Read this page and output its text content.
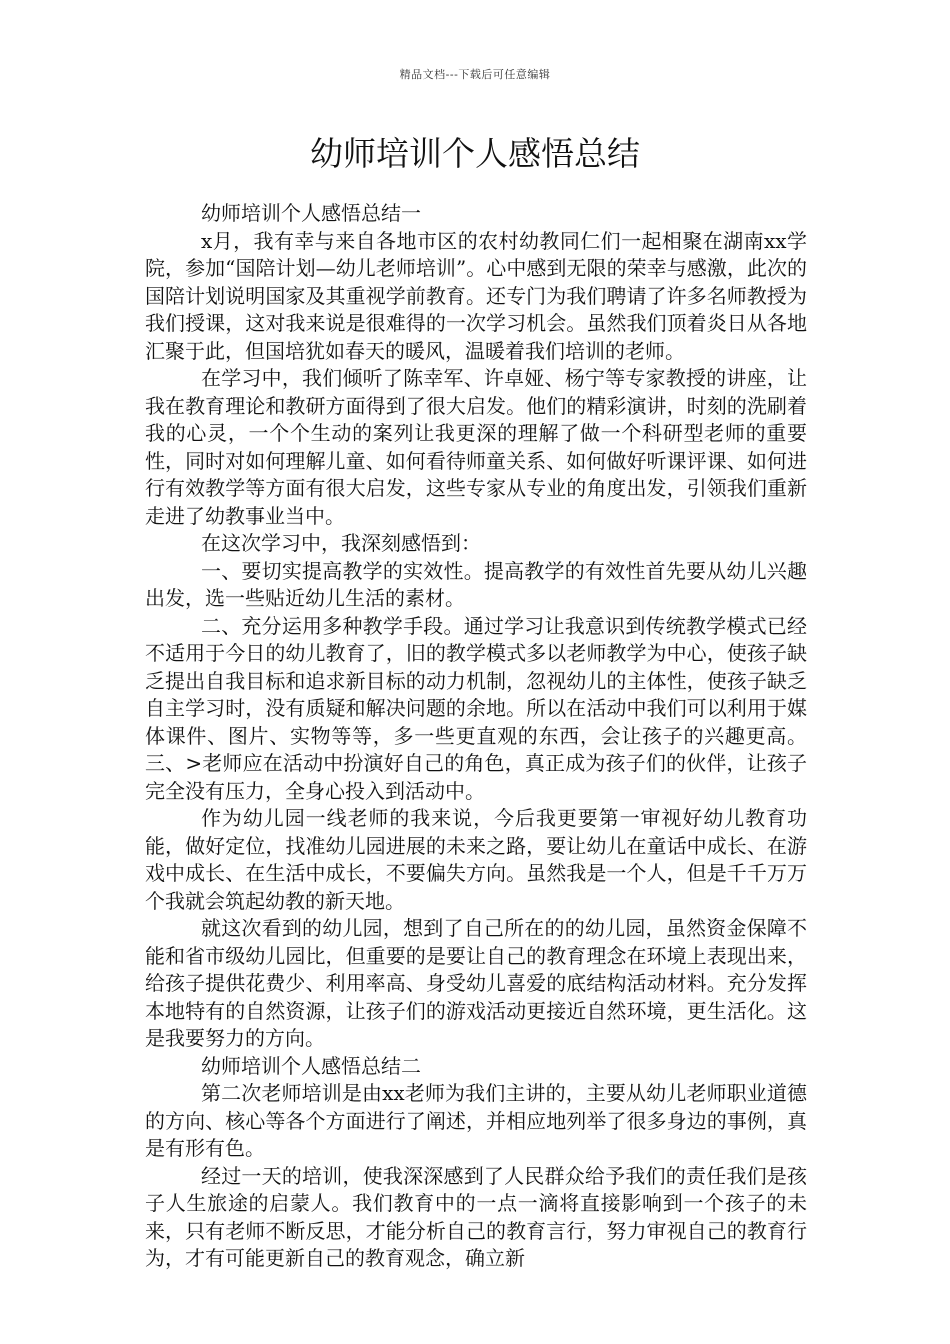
精品文档---下载后可任意编辑
幼师培训个人感悟总结

幼师培训个人感悟总结一

x月，我有幸与来自各地市区的农村幼教同仁们一起相聚在湖南xx学院，参加“国陪计划—幼儿老师培训”。心中感到无限的荣幸与感激，此次的国陪计划说明国家及其重视学前教育。还专门为我们聘请了许多名师教授为我们授课，这对我来说是很难得的一次学习机会。虽然我们顶着炎日从各地汇聚于此，但国培犹如春天的暖风，温暖着我们培训的老师。

在学习中，我们倾听了陈幸军、许卓娅、杨宁等专家教授的讲座，让我在教育理论和教研方面得到了很大启发。他们的精彩演讲，时刻的洗刷着我的心灵，一个个生动的案列让我更深的理解了做一个科研型老师的重要性，同时对如何理解儿童、如何看待师童关系、如何做好听课评课、如何进行有效教学等方面有很大启发，这些专家从专业的角度出发，引领我们重新走进了幼教事业当中。

在这次学习中，我深刻感悟到：

一、要切实提高教学的实效性。提高教学的有效性首先要从幼儿兴趣出发，选一些贴近幼儿生活的素材。

二、充分运用多种教学手段。通过学习让我意识到传统教学模式已经不适用于今日的幼儿教育了，旧的教学模式多以老师教学为中心，使孩子缺乏提出自我目标和追求新目标的动力机制，忽视幼儿的主体性，使孩子缺乏自主学习时，没有质疑和解决问题的余地。所以在活动中我们可以利用于媒体课件、图片、实物等等，多一些更直观的东西，会让孩子的兴趣更高。三、>老师应在活动中扮演好自己的角色，真正成为孩子们的伙伴，让孩子完全没有压力，全身心投入到活动中。

作为幼儿园一线老师的我来说，今后我更要第一审视好幼儿教育功能，做好定位，找准幼儿园进展的未来之路，要让幼儿在童话中成长、在游戏中成长、在生活中成长，不要偏失方向。虽然我是一个人，但是千千万万个我就会筑起幼教的新天地。

就这次看到的幼儿园，想到了自己所在的的幼儿园，虽然资金保障不能和省市级幼儿园比，但重要的是要让自己的教育理念在环境上表现出来，给孩子提供花费少、利用率高、身受幼儿喜爱的底结构活动材料。充分发挥本地特有的自然资源，让孩子们的游戏活动更接近自然环境，更生活化。这是我要努力的方向。

幼师培训个人感悟总结二

第二次老师培训是由xx老师为我们主讲的，主要从幼儿老师职业道德的方向、核心等各个方面进行了阐述，并相应地列举了很多身边的事例，真是有形有色。

经过一天的培训，使我深深感到了人民群众给予我们的责任我们是孩子人生旅途的启蒙人。我们教育中的一点一滴将直接影响到一个孩子的未来，只有老师不断反思，才能分析自己的教育言行，努力审视自己的教育行为，才有可能更新自己的教育观念，确立新
